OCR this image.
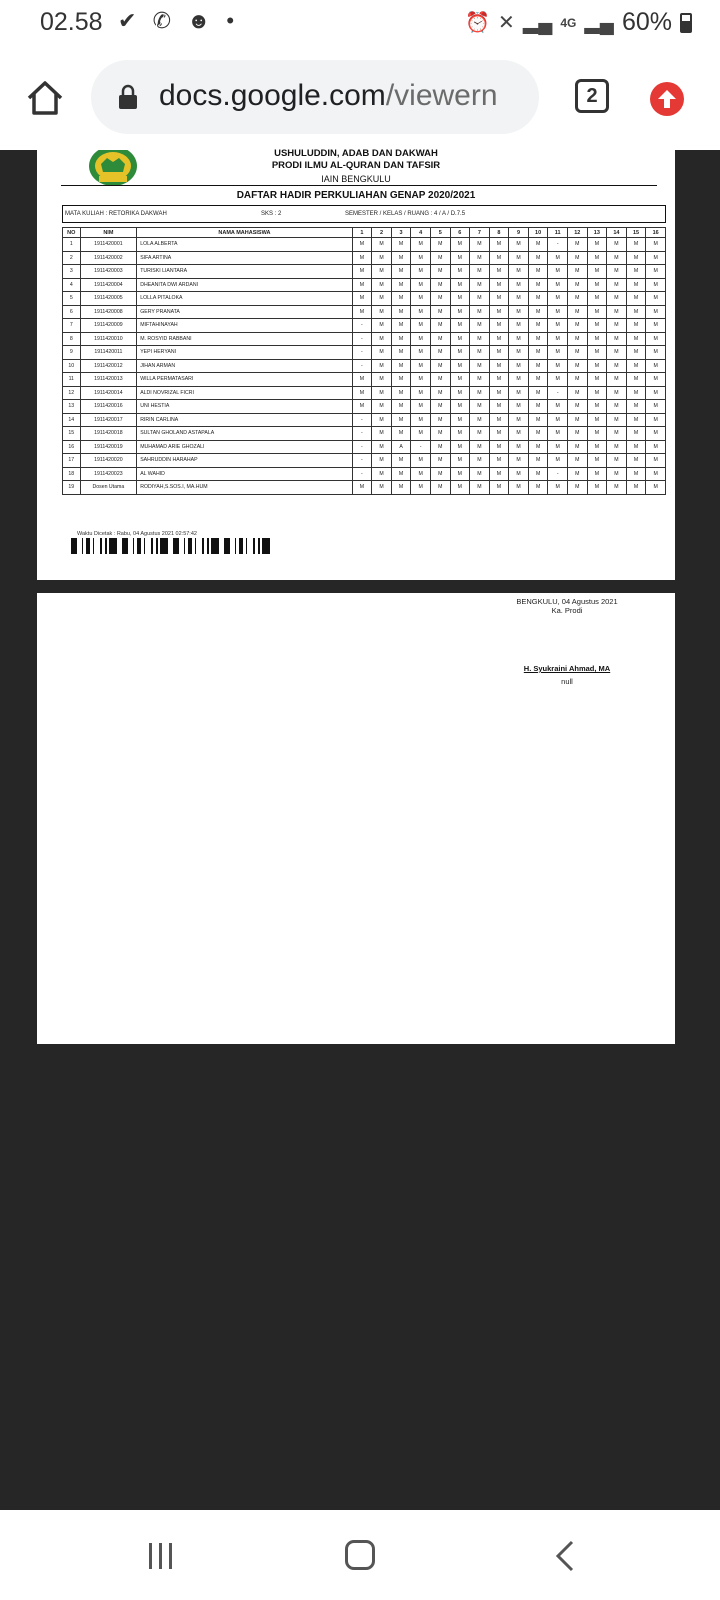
02.58 ✔ ✆ ☻ •	⏰ ✕ ▂▄ 4G ▂▄ 60%
docs.google.com/viewern	2
USHULUDDIN, ADAB DAN DAKWAH
PRODI ILMU AL-QURAN DAN TAFSIR
IAIN BENGKULU
DAFTAR HADIR PERKULIAHAN GENAP 2020/2021
MATA KULIAH : RETORIKA DAKWAH	SKS : 2	SEMESTER / KELAS / RUANG : 4 / A / D.7.5
NO	NIM	NAMA MAHASISWA	1	2	3	4	5	6	7	8	9	10	11	12	13	14	15	16
1	1911420001	LOLA ALBERTA	M	M	M	M	M	M	M	M	M	M	-	M	M	M	M	M
2	1911420002	SIFA ARTINA	M	M	M	M	M	M	M	M	M	M	M	M	M	M	M	M
3	1911420003	TURISKI LIANTARA	M	M	M	M	M	M	M	M	M	M	M	M	M	M	M	M
4	1911420004	DHEANITA DWI ARDANI	M	M	M	M	M	M	M	M	M	M	M	M	M	M	M	M
5	1911420005	LOLLA PITALOKA	M	M	M	M	M	M	M	M	M	M	M	M	M	M	M	M
6	1911420008	GERY PRANATA	M	M	M	M	M	M	M	M	M	M	M	M	M	M	M	M
7	1911420009	MIFTAHINAYAH	-	M	M	M	M	M	M	M	M	M	M	M	M	M	M	M
8	1911420010	M. ROSYID RABBANI	-	M	M	M	M	M	M	M	M	M	M	M	M	M	M	M
9	1911420011	YEPI HERYANI	-	M	M	M	M	M	M	M	M	M	M	M	M	M	M	M
10	1911420012	JIHAN ARMAN	-	M	M	M	M	M	M	M	M	M	M	M	M	M	M	M
11	1911420013	WILLA PERMATASARI	M	M	M	M	M	M	M	M	M	M	M	M	M	M	M	M
12	1911420014	ALDI NOVRIZAL FICRI	M	M	M	M	M	M	M	M	M	M	-	M	M	M	M	M
13	1911420016	UNI HESTIA	M	M	M	M	M	M	M	M	M	M	M	M	M	M	M	M
14	1911420017	RIRIN CARLINA	-	M	M	M	M	M	M	M	M	M	M	M	M	M	M	M
15	1911420018	SULTAN GHOLAND ASTAPALA	-	M	M	M	M	M	M	M	M	M	M	M	M	M	M	M
16	1911420019	MUHAMAD ARIE GHOZALI	-	M	A	-	M	M	M	M	M	M	M	M	M	M	M	M
17	1911420020	SAHRUDDIN HARAHAP	-	M	M	M	M	M	M	M	M	M	M	M	M	M	M	M
18	1911420023	AL WAHID	-	M	M	M	M	M	M	M	M	M	-	M	M	M	M	M
19	Dosen Utama	RODIYAH,S.SOS.I, MA.HUM	M	M	M	M	M	M	M	M	M	M	M	M	M	M	M	M
Waktu Dicetak : Rabu, 04 Agustus 2021 02:57:42
BENGKULU, 04 Agustus 2021
Ka. Prodi
H. Syukraini Ahmad, MA
null
